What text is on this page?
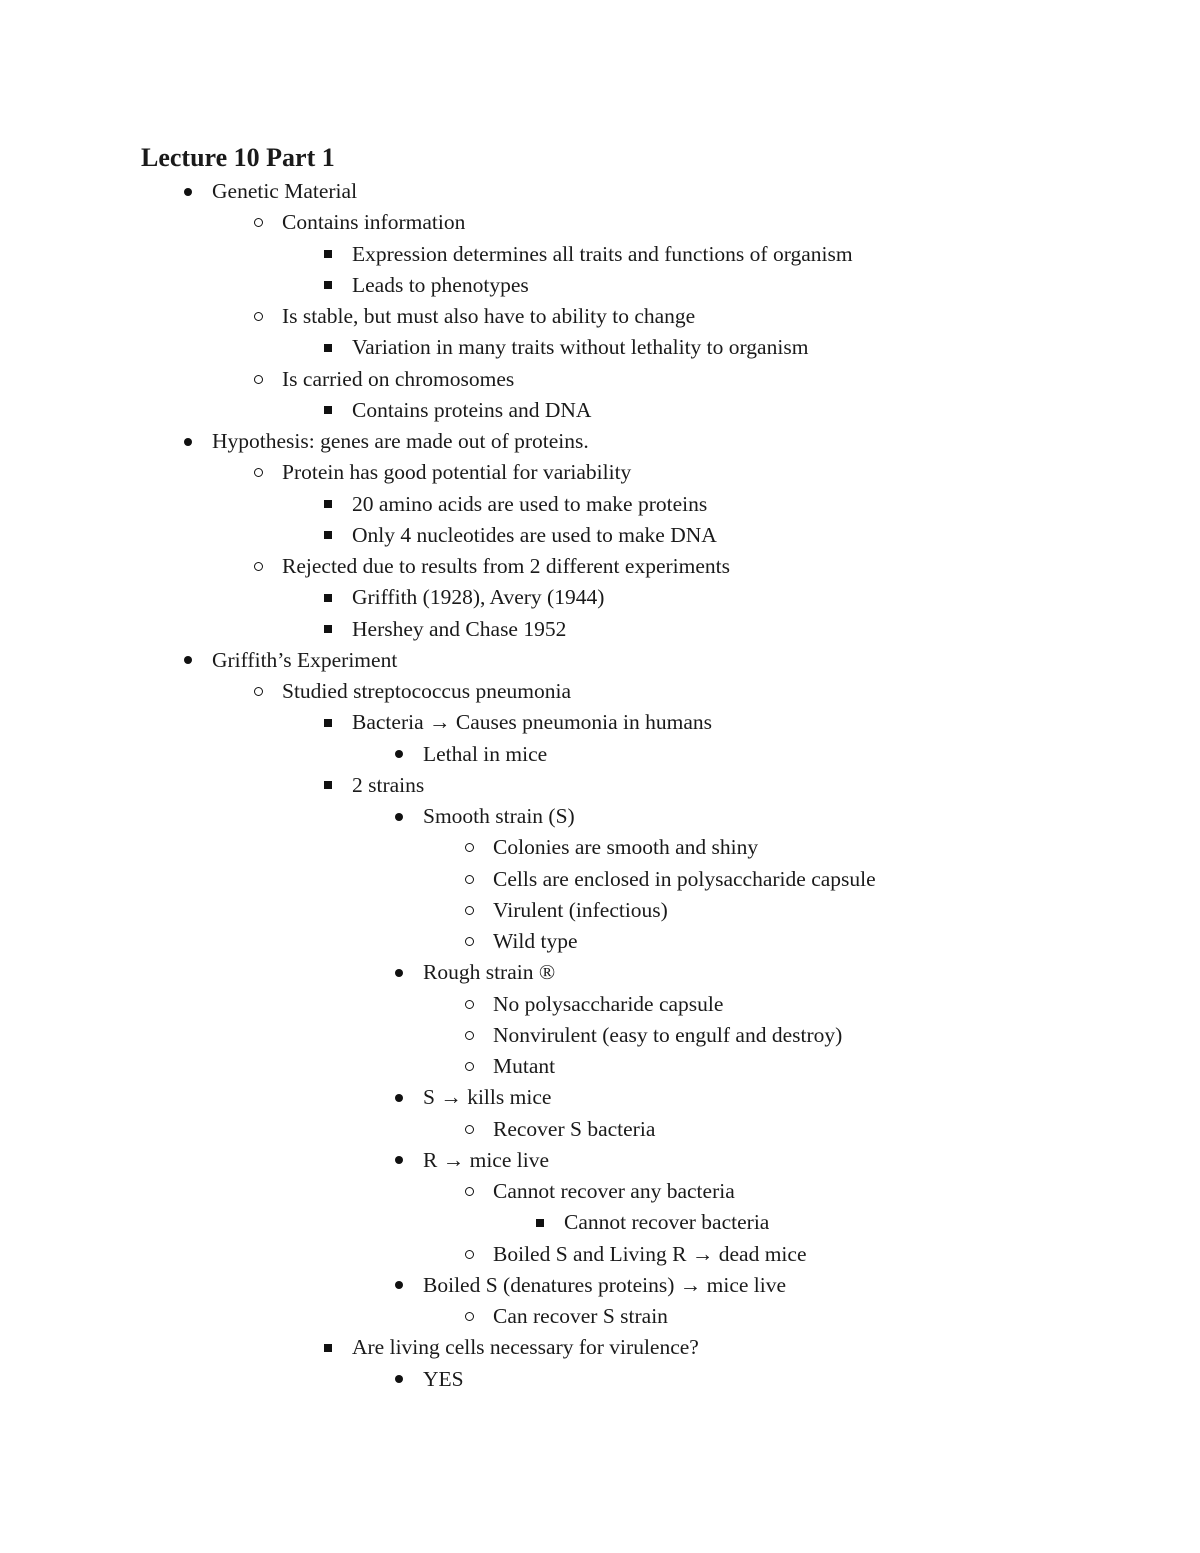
Lecture 10 Part 1
Genetic Material
Contains information
Expression determines all traits and functions of organism
Leads to phenotypes
Is stable, but must also have to ability to change
Variation in many traits without lethality to organism
Is carried on chromosomes
Contains proteins and DNA
Hypothesis: genes are made out of proteins.
Protein has good potential for variability
20 amino acids are used to make proteins
Only 4 nucleotides are used to make DNA
Rejected due to results from 2 different experiments
Griffith (1928), Avery (1944)
Hershey and Chase 1952
Griffith’s Experiment
Studied streptococcus pneumonia
Bacteria → Causes pneumonia in humans
Lethal in mice
2 strains
Smooth strain (S)
Colonies are smooth and shiny
Cells are enclosed in polysaccharide capsule
Virulent (infectious)
Wild type
Rough strain ®
No polysaccharide capsule
Nonvirulent (easy to engulf and destroy)
Mutant
S → kills mice
Recover S bacteria
R → mice live
Cannot recover any bacteria
Cannot recover bacteria
Boiled S and Living R → dead mice
Boiled S (denatures proteins) → mice live
Can recover S strain
Are living cells necessary for virulence?
YES
